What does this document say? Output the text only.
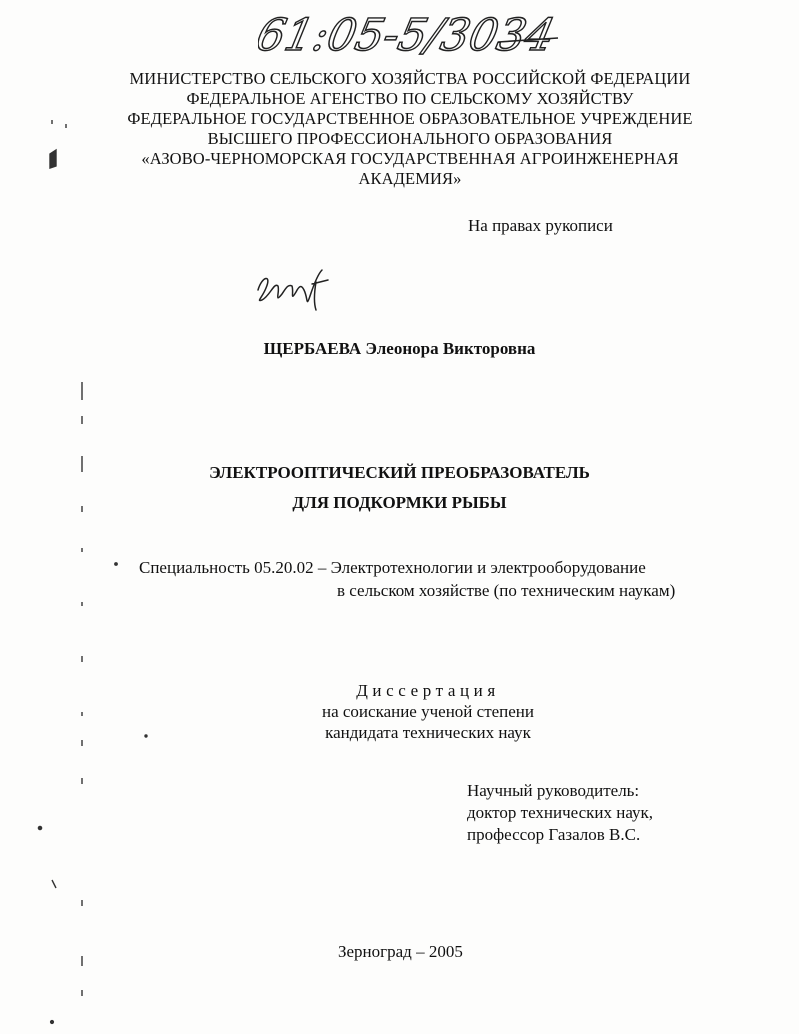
61:05-5/3034
МИНИСТЕРСТВО СЕЛЬСКОГО ХОЗЯЙСТВА РОССИЙСКОЙ ФЕДЕРАЦИИ
ФЕДЕРАЛЬНОЕ АГЕНСТВО ПО СЕЛЬСКОМУ ХОЗЯЙСТВУ
ФЕДЕРАЛЬНОЕ ГОСУДАРСТВЕННОЕ ОБРАЗОВАТЕЛЬНОЕ УЧРЕЖДЕНИЕ
ВЫСШЕГО ПРОФЕССИОНАЛЬНОГО ОБРАЗОВАНИЯ
«АЗОВО-ЧЕРНОМОРСКАЯ ГОСУДАРСТВЕННАЯ АГРОИНЖЕНЕРНАЯ
АКАДЕМИЯ»
На правах рукописи
ЩЕРБАЕВА Элеонора Викторовна
ЭЛЕКТРООПТИЧЕСКИЙ ПРЕОБРАЗОВАТЕЛЬ
ДЛЯ ПОДКОРМКИ РЫБЫ
Специальность 05.20.02 – Электротехнологии и электрооборудование
в сельском хозяйстве (по техническим наукам)
Диссертация
на соискание ученой степени
кандидата технических наук
Научный руководитель:
доктор технических наук,
профессор Газалов В.С.
Зерноград – 2005
